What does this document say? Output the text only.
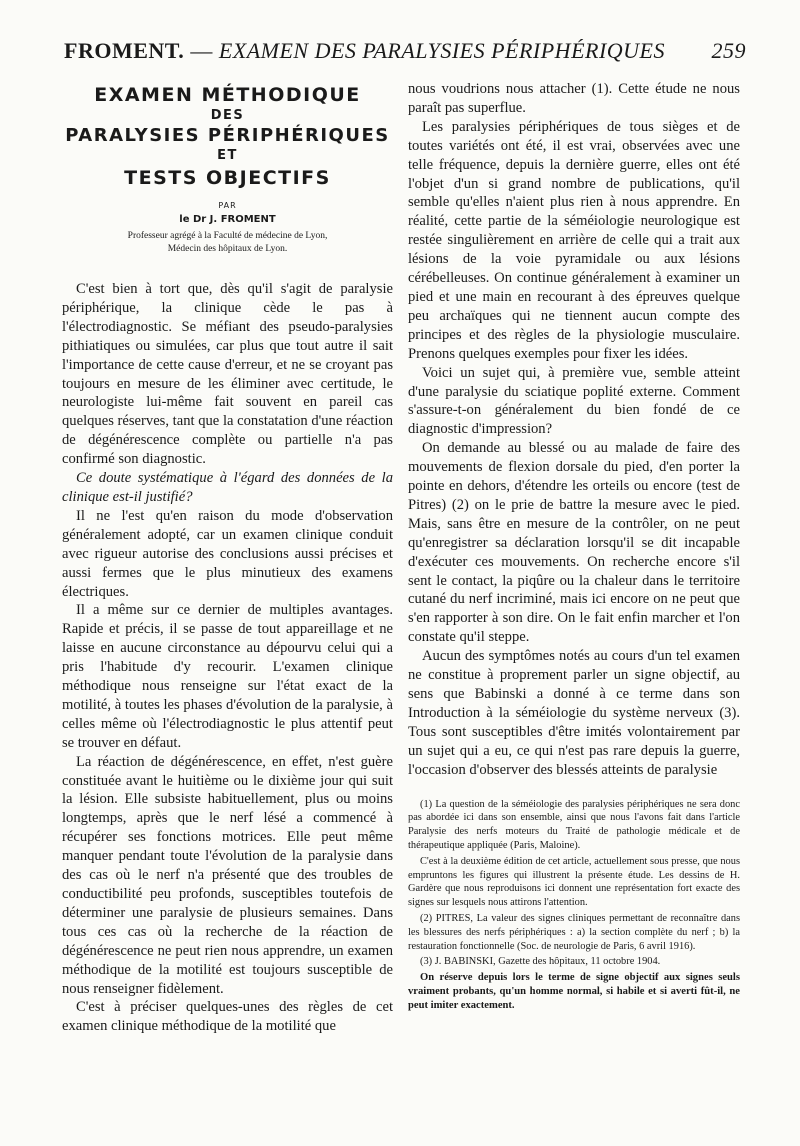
FROMENT. — EXAMEN DES PARALYSIES PÉRIPHÉRIQUES 259
EXAMEN MÉTHODIQUE
DES
PARALYSIES PÉRIPHÉRIQUES
ET
TESTS OBJECTIFS
PAR
le Dr J. FROMENT
Professeur agrégé à la Faculté de médecine de Lyon,
Médecin des hôpitaux de Lyon.

C'est bien à tort que, dès qu'il s'agit de paralysie périphérique, la clinique cède le pas à l'électrodiagnostic. Se méfiant des pseudo-paralysies pithiatiques ou simulées, car plus que tout autre il sait l'importance de cette cause d'erreur, et ne se croyant pas toujours en mesure de les éliminer avec certitude, le neurologiste lui-même fait souvent en pareil cas quelques réserves, tant que la constatation d'une réaction de dégénérescence complète ou partielle n'a pas confirmé son diagnostic.

Ce doute systématique à l'égard des données de la clinique est-il justifié?

Il ne l'est qu'en raison du mode d'observation généralement adopté, car un examen clinique conduit avec rigueur autorise des conclusions aussi précises et aussi fermes que le plus minutieux des examens électriques.

Il a même sur ce dernier de multiples avantages. Rapide et précis, il se passe de tout appareillage et ne laisse en aucune circonstance au dépourvu celui qui a pris l'habitude d'y recourir. L'examen clinique méthodique nous renseigne sur l'état exact de la motilité, à toutes les phases d'évolution de la paralysie, à celles même où l'électrodiagnostic le plus attentif peut se trouver en défaut.

La réaction de dégénérescence, en effet, n'est guère constituée avant le huitième ou le dixième jour qui suit la lésion. Elle subsiste habituellement, plus ou moins longtemps, après que le nerf lésé a commencé à récupérer ses fonctions motrices. Elle peut même manquer pendant toute l'évolution de la paralysie dans des cas où le nerf n'a présenté que des troubles de conductibilité peu profonds, susceptibles toutefois de déterminer une paralysie de plusieurs semaines. Dans tous ces cas où la recherche de la réaction de dégénérescence ne peut rien nous apprendre, un examen méthodique de la motilité est toujours susceptible de nous renseigner fidèlement.

C'est à préciser quelques-unes des règles de cet examen clinique méthodique de la motilité que

nous voudrions nous attacher (1). Cette étude ne nous paraît pas superflue.

Les paralysies périphériques de tous sièges et de toutes variétés ont été, il est vrai, observées avec une telle fréquence, depuis la dernière guerre, elles ont été l'objet d'un si grand nombre de publications, qu'il semble qu'elles n'aient plus rien à nous apprendre. En réalité, cette partie de la séméiologie neurologique est restée singulièrement en arrière de celle qui a trait aux lésions de la voie pyramidale ou aux lésions cérébelleuses. On continue généralement à examiner un pied et une main en recourant à des épreuves quelque peu archaïques qui ne tiennent aucun compte des principes et des règles de la physiologie musculaire. Prenons quelques exemples pour fixer les idées.

Voici un sujet qui, à première vue, semble atteint d'une paralysie du sciatique poplité externe. Comment s'assure-t-on généralement du bien fondé de ce diagnostic d'impression?

On demande au blessé ou au malade de faire des mouvements de flexion dorsale du pied, d'en porter la pointe en dehors, d'étendre les orteils ou encore (test de Pitres) (2) on le prie de battre la mesure avec le pied. Mais, sans être en mesure de la contrôler, on ne peut qu'enregistrer sa déclaration lorsqu'il se dit incapable d'exécuter ces mouvements. On recherche encore s'il sent le contact, la piqûre ou la chaleur dans le territoire cutané du nerf incriminé, mais ici encore on ne peut que s'en rapporter à son dire. On le fait enfin marcher et l'on constate qu'il steppe.

Aucun des symptômes notés au cours d'un tel examen ne constitue à proprement parler un signe objectif, au sens que Babinski a donné à ce terme dans son Introduction à la séméiologie du système nerveux (3). Tous sont susceptibles d'être imités volontairement par un sujet qui a eu, ce qui n'est pas rare depuis la guerre, l'occasion d'observer des blessés atteints de paralysie

(1) La question de la séméiologie des paralysies périphériques ne sera donc pas abordée ici dans son ensemble, ainsi que nous l'avons fait dans l'article Paralysie des nerfs moteurs du Traité de pathologie médicale et de thérapeutique appliquée (Paris, Maloine).

C'est à la deuxième édition de cet article, actuellement sous presse, que nous empruntons les figures qui illustrent la présente étude. Les dessins de H. Gardère que nous reproduisons ici donnent une représentation fort exacte des signes sur lesquels nous attirons l'attention.

(2) PITRES, La valeur des signes cliniques permettant de reconnaître dans les blessures des nerfs périphériques : a) la section complète du nerf ; b) la restauration fonctionnelle (Soc. de neurologie de Paris, 6 avril 1916).

(3) J. BABINSKI, Gazette des hôpitaux, 11 octobre 1904.

On réserve depuis lors le terme de signe objectif aux signes seuls vraiment probants, qu'un homme normal, si habile et si averti fût-il, ne peut imiter exactement.
